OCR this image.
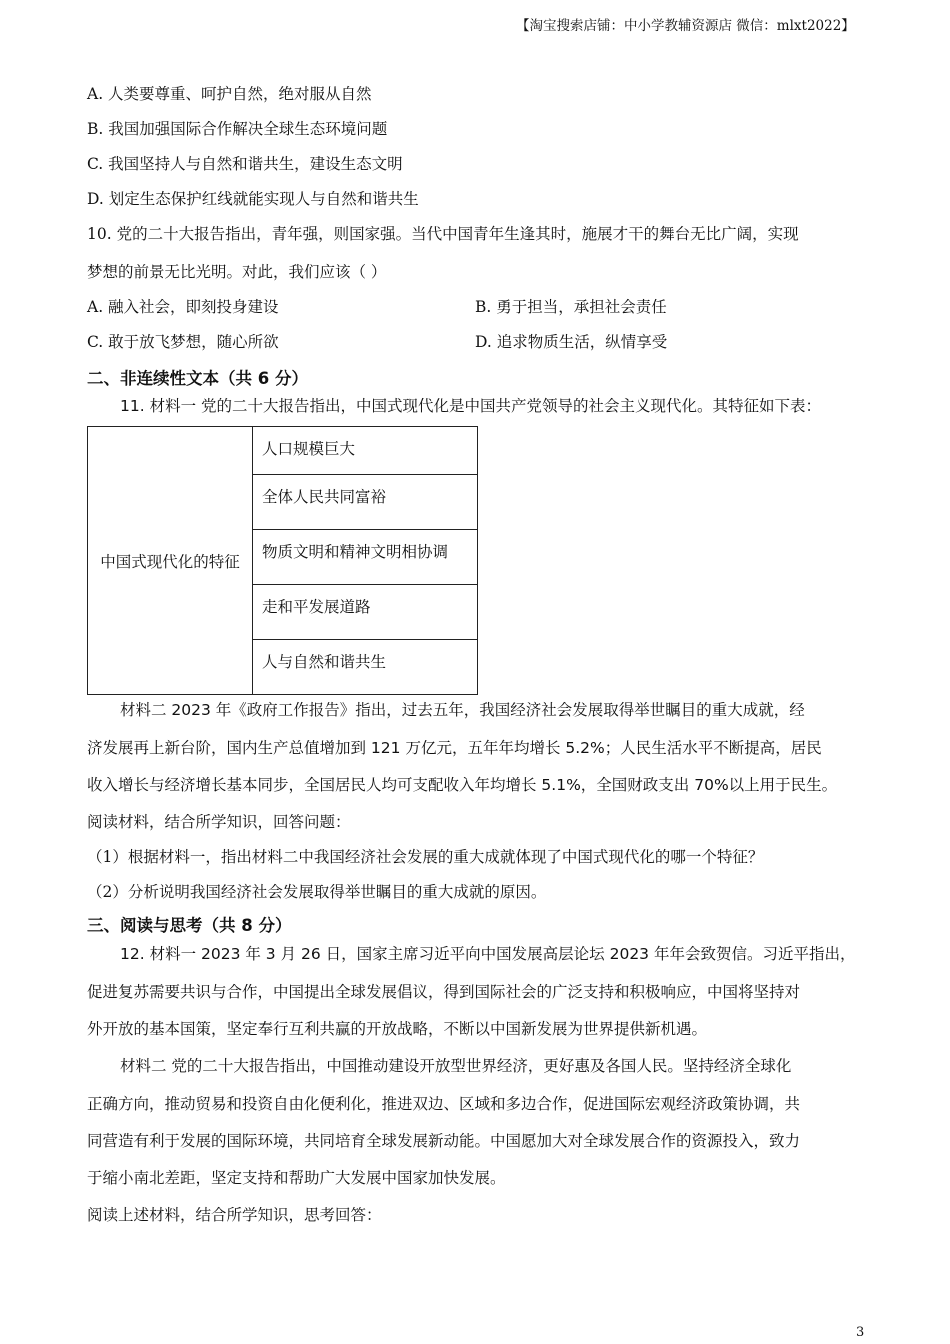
【淘宝搜索店铺：中小学教辅资源店 微信：mlxt2022】
A. 人类要尊重、呵护自然，绝对服从自然
B. 我国加强国际合作解决全球生态环境问题
C. 我国坚持人与自然和谐共生，建设生态文明
D. 划定生态保护红线就能实现人与自然和谐共生
10. 党的二十大报告指出，青年强，则国家强。当代中国青年生逢其时，施展才干的舞台无比广阔，实现
梦想的前景无比光明。对此，我们应该（ ）
A. 融入社会，即刻投身建设	B. 勇于担当，承担社会责任
C. 敢于放飞梦想，随心所欲	D. 追求物质生活，纵情享受
二、非连续性文本（共 6 分）
11. 材料一 党的二十大报告指出，中国式现代化是中国共产党领导的社会主义现代化。其特征如下表：
中国式现代化的特征	人口规模巨大
全体人民共同富裕
物质文明和精神文明相协调
走和平发展道路
人与自然和谐共生
材料二 2023 年《政府工作报告》指出，过去五年，我国经济社会发展取得举世瞩目的重大成就，经
济发展再上新台阶，国内生产总值增加到 121 万亿元，五年年均增长 5.2%；人民生活水平不断提高，居民
收入增长与经济增长基本同步，全国居民人均可支配收入年均增长 5.1%，全国财政支出 70%以上用于民生。
阅读材料，结合所学知识，回答问题：
（1）根据材料一，指出材料二中我国经济社会发展的重大成就体现了中国式现代化的哪一个特征？
（2）分析说明我国经济社会发展取得举世瞩目的重大成就的原因。
三、阅读与思考（共 8 分）
12. 材料一 2023 年 3 月 26 日，国家主席习近平向中国发展高层论坛 2023 年年会致贺信。习近平指出，
促进复苏需要共识与合作，中国提出全球发展倡议，得到国际社会的广泛支持和积极响应，中国将坚持对
外开放的基本国策，坚定奉行互利共赢的开放战略，不断以中国新发展为世界提供新机遇。
材料二 党的二十大报告指出，中国推动建设开放型世界经济，更好惠及各国人民。坚持经济全球化
正确方向，推动贸易和投资自由化便利化，推进双边、区域和多边合作，促进国际宏观经济政策协调，共
同营造有利于发展的国际环境，共同培育全球发展新动能。中国愿加大对全球发展合作的资源投入，致力
于缩小南北差距，坚定支持和帮助广大发展中国家加快发展。
阅读上述材料，结合所学知识，思考回答：
3
